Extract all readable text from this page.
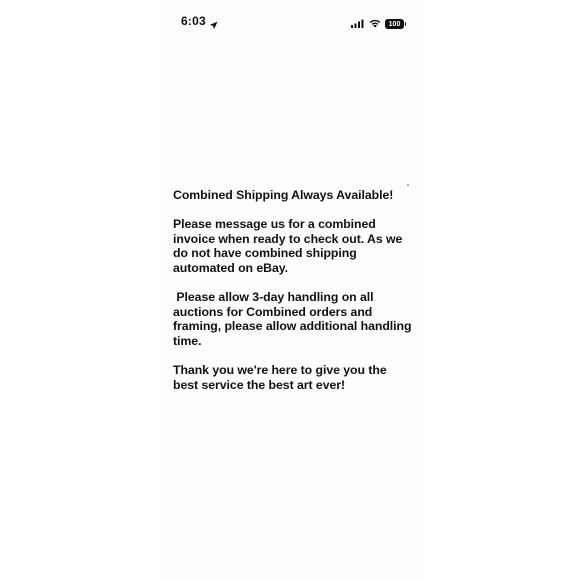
6:03	100

Combined Shipping Always Available!

Please message us for a combined invoice when ready to check out. As we do not have combined shipping automated on eBay.

Please allow 3-day handling on all auctions for Combined orders and framing, please allow additional handling time.

Thank you we're here to give you the best service the best art ever!
